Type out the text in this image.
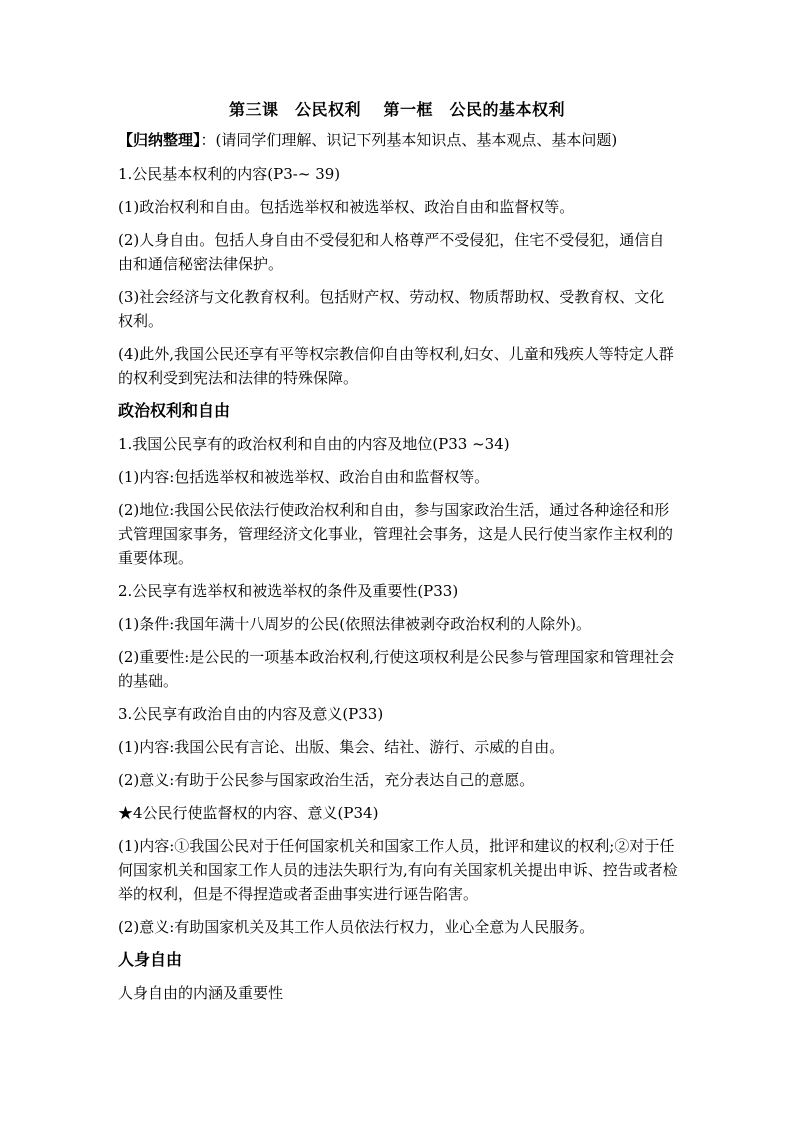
第三课　公民权利　 第一框　公民的基本权利

【归纳整理】：(请同学们理解、识记下列基本知识点、基本观点、基本问题)

1.公民基本权利的内容(P3-~ 39)

(1)政治权利和自由。包括选举权和被选举权、政治自由和监督权等。

(2)人身自由。包括人身自由不受侵犯和人格尊严不受侵犯，住宅不受侵犯，通信自由和通信秘密法律保护。

(3)社会经济与文化教育权利。包括财产权、劳动权、物质帮助权、受教育权、文化权利。

(4)此外,我国公民还享有平等权宗教信仰自由等权利,妇女、儿童和残疾人等特定人群的权利受到宪法和法律的特殊保障。

政治权利和自由

1.我国公民享有的政治权利和自由的内容及地位(P33 ~34)

(1)内容:包括选举权和被选举权、政治自由和监督权等。

(2)地位:我国公民依法行使政治权利和自由，参与国家政治生活，通过各种途径和形式管理国家事务，管理经济文化事业，管理社会事务，这是人民行使当家作主权利的重要体现。

2.公民享有选举权和被选举权的条件及重要性(P33)

(1)条件:我国年满十八周岁的公民(依照法律被剥夺政治权利的人除外)。

(2)重要性:是公民的一项基本政治权利,行使这项权利是公民参与管理国家和管理社会的基础。

3.公民享有政治自由的内容及意义(P33)

(1)内容:我国公民有言论、出版、集会、结社、游行、示威的自由。

(2)意义:有助于公民参与国家政治生活，充分表达自己的意愿。

★4公民行使监督权的内容、意义(P34)

(1)内容:①我国公民对于任何国家机关和国家工作人员，批评和建议的权利;②对于任何国家机关和国家工作人员的违法失职行为,有向有关国家机关提出申诉、控告或者检举的权利，但是不得捏造或者歪曲事实进行诬告陷害。

(2)意义:有助国家机关及其工作人员依法行权力，业心全意为人民服务。

人身自由

人身自由的内涵及重要性
